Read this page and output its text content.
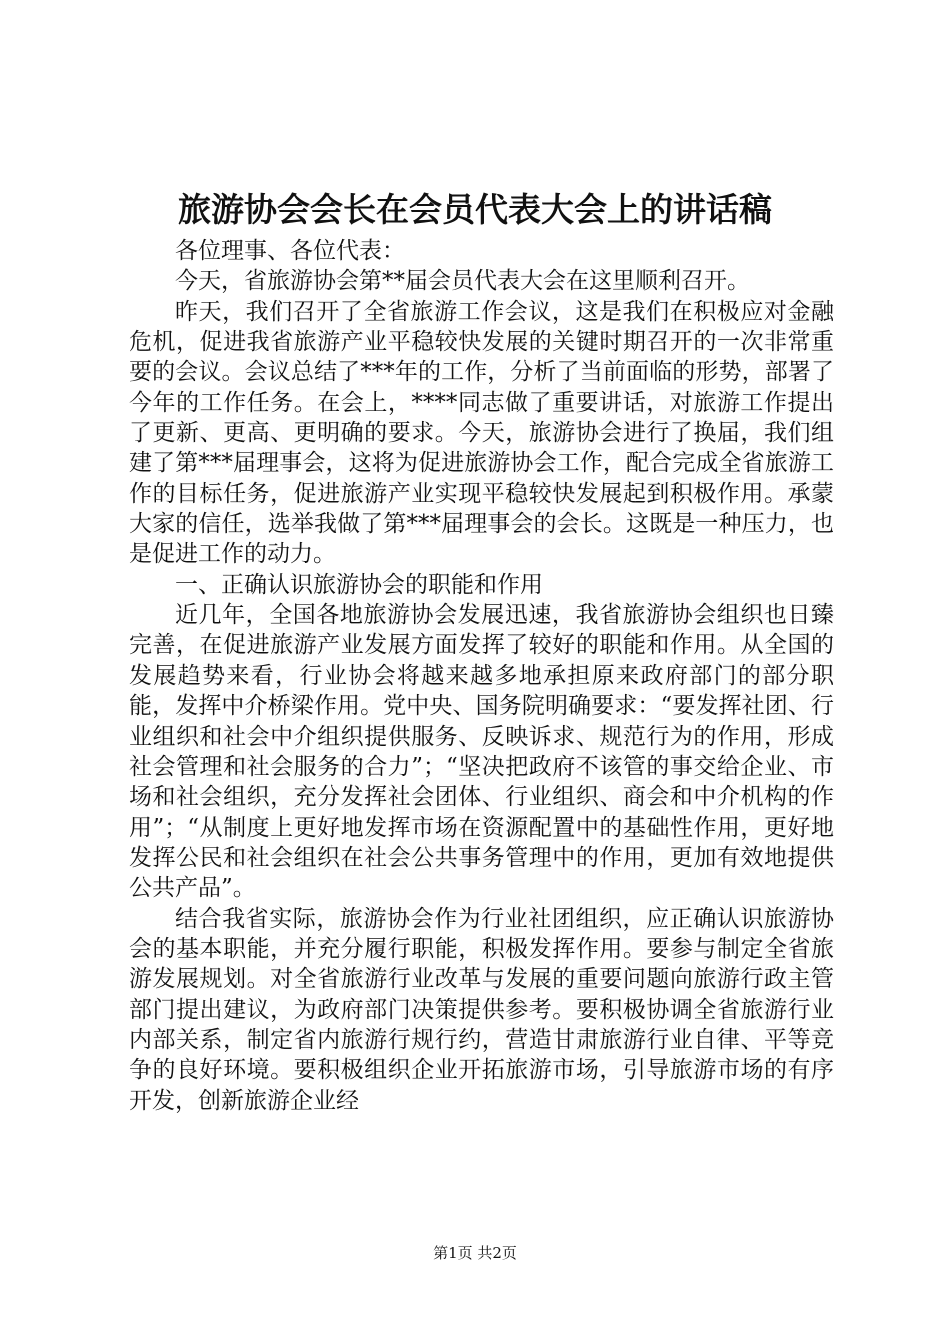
旅游协会会长在会员代表大会上的讲话稿

各位理事、各位代表：

今天，省旅游协会第**届会员代表大会在这里顺利召开。

昨天，我们召开了全省旅游工作会议，这是我们在积极应对金融危机，促进我省旅游产业平稳较快发展的关键时期召开的一次非常重要的会议。会议总结了***年的工作，分析了当前面临的形势，部署了今年的工作任务。在会上，****同志做了重要讲话，对旅游工作提出了更新、更高、更明确的要求。今天，旅游协会进行了换届，我们组建了第***届理事会，这将为促进旅游协会工作，配合完成全省旅游工作的目标任务，促进旅游产业实现平稳较快发展起到积极作用。承蒙大家的信任，选举我做了第***届理事会的会长。这既是一种压力，也是促进工作的动力。

一、正确认识旅游协会的职能和作用

近几年，全国各地旅游协会发展迅速，我省旅游协会组织也日臻完善，在促进旅游产业发展方面发挥了较好的职能和作用。从全国的发展趋势来看，行业协会将越来越多地承担原来政府部门的部分职能，发挥中介桥梁作用。党中央、国务院明确要求：“要发挥社团、行业组织和社会中介组织提供服务、反映诉求、规范行为的作用，形成社会管理和社会服务的合力”；“坚决把政府不该管的事交给企业、市场和社会组织，充分发挥社会团体、行业组织、商会和中介机构的作用”；“从制度上更好地发挥市场在资源配置中的基础性作用，更好地发挥公民和社会组织在社会公共事务管理中的作用，更加有效地提供公共产品”。

结合我省实际，旅游协会作为行业社团组织，应正确认识旅游协会的基本职能，并充分履行职能，积极发挥作用。要参与制定全省旅游发展规划。对全省旅游行业改革与发展的重要问题向旅游行政主管部门提出建议，为政府部门决策提供参考。要积极协调全省旅游行业内部关系，制定省内旅游行规行约，营造甘肃旅游行业自律、平等竞争的良好环境。要积极组织企业开拓旅游市场，引导旅游市场的有序开发，创新旅游企业经

第1页 共2页
